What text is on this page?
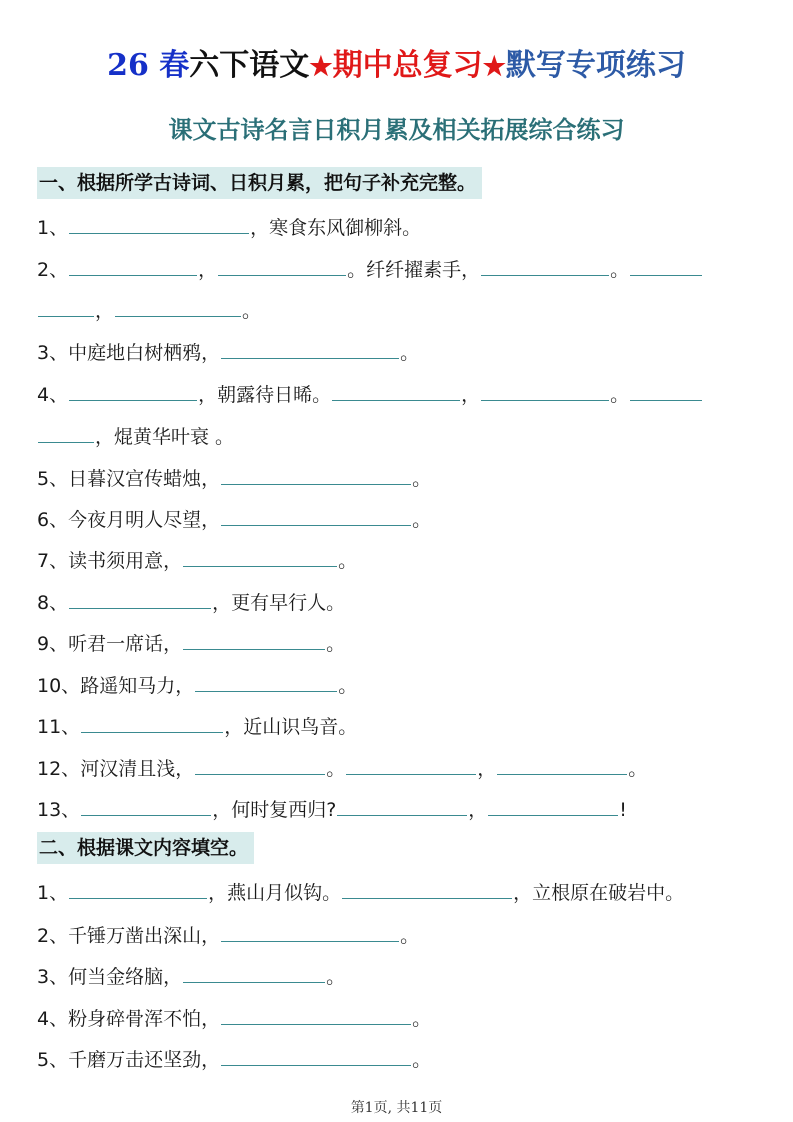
26 春六下语文★期中总复习★默写专项练习
课文古诗名言日积月累及相关拓展综合练习
一、根据所学古诗词、日积月累，把句子补充完整。
1、	，寒食东风御柳斜。
2、	，	。纤纤擢素手，	。
，	。
3、中庭地白树栖鸦，	。
4、	，朝露待日晞。	，	。
，焜黄华叶衰 。
5、日暮汉宫传蜡烛，	。
6、今夜月明人尽望，	。
7、读书须用意，	。
8、	，更有早行人。
9、听君一席话，	。
10、路遥知马力，	。
11、	，近山识鸟音。
12、河汉清且浅，	。	，	。
13、	，何时复西归?	，	!
二、根据课文内容填空。
1、	，燕山月似钩。	，立根原在破岩中。
2、千锤万凿出深山，	。
3、何当金络脑，	。
4、粉身碎骨浑不怕，	。
5、千磨万击还坚劲，	。
第1页, 共11页
